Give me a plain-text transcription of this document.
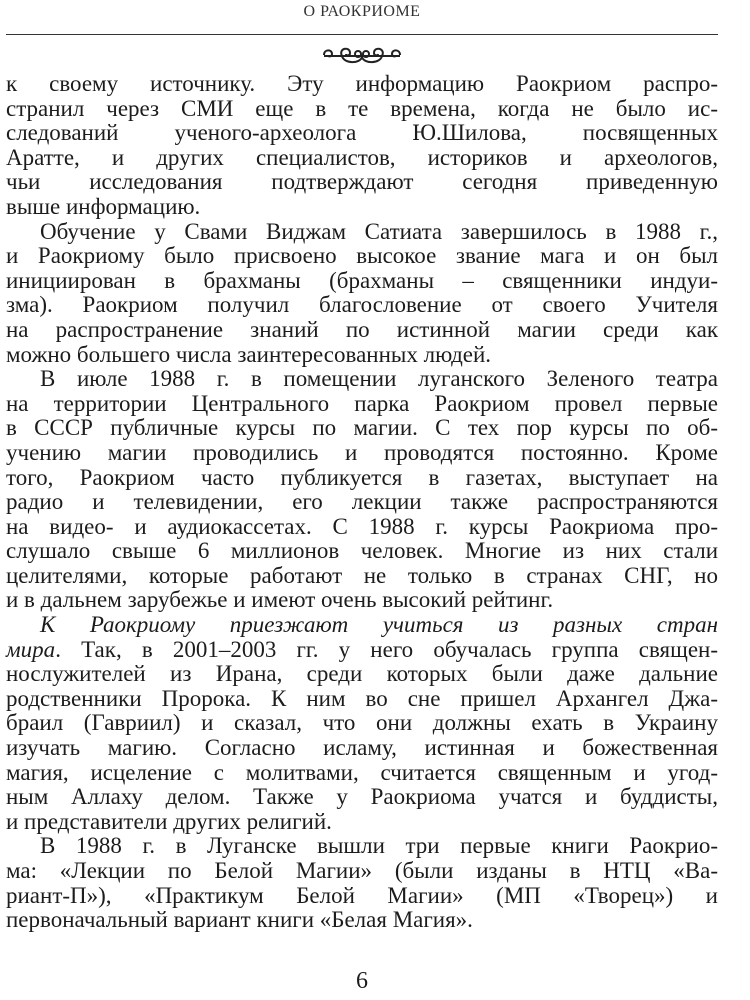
О РАОКРИОМЕ
к своему источнику. Эту информацию Раокриом распро-
странил через СМИ еще в те времена, когда не было ис-
следований ученого-археолога Ю.Шилова, посвященных
Аратте, и других специалистов, историков и археологов,
чьи исследования подтверждают сегодня приведенную
выше информацию.
Обучение у Свами Виджам Сатиата завершилось в 1988 г.,
и Раокриому было присвоено высокое звание мага и он был
инициирован в брахманы (брахманы – священники индуи-
зма). Раокриом получил благословение от своего Учителя
на распространение знаний по истинной магии среди как
можно большего числа заинтересованных людей.
В июле 1988 г. в помещении луганского Зеленого театра
на территории Центрального парка Раокриом провел первые
в СССР публичные курсы по магии. С тех пор курсы по об-
учению магии проводились и проводятся постоянно. Кроме
того, Раокриом часто публикуется в газетах, выступает на
радио и телевидении, его лекции также распространяются
на видео- и аудиокассетах. С 1988 г. курсы Раокриома про-
слушало свыше 6 миллионов человек. Многие из них стали
целителями, которые работают не только в странах СНГ, но
и в дальнем зарубежье и имеют очень высокий рейтинг.
К Раокриому приезжают учиться из разных стран
мира. Так, в 2001–2003 гг. у него обучалась группа священ-
нослужителей из Ирана, среди которых были даже дальние
родственники Пророка. К ним во сне пришел Архангел Джа-
браил (Гавриил) и сказал, что они должны ехать в Украину
изучать магию. Согласно исламу, истинная и божественная
магия, исцеление с молитвами, считается священным и угод-
ным Аллаху делом. Также у Раокриома учатся и буддисты,
и представители других религий.
В 1988 г. в Луганске вышли три первые книги Раокрио-
ма: «Лекции по Белой Магии» (были изданы в НТЦ «Ва-
риант-П»), «Практикум Белой Магии» (МП «Творец») и
первоначальный вариант книги «Белая Магия».
6
